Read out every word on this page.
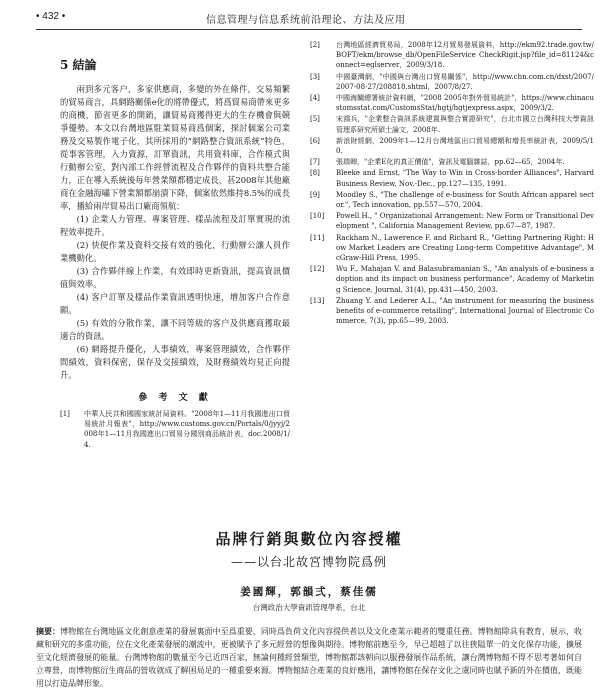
• 432 •	信息管理与信息系统前沿理论、方法及应用
5 結論

兩到多元客户，多家供應商，多變的外在條件，交易頻繁的貿易商言，具網路關係e化的將帶優式，將爲貿易商帶來更多的商機，節省更多的開銷，讓貿易商獲得更大的生存機會與競爭優勢。本文以台灣地區駐業貿易商爲個案，探討個案公司業務及交易製作電子化，其所採用的“網路整合資訊系統”特色，從事客管理，入力資源，訂單資訊，共用資料庫，合作模式與行動辦公室，對內部工作經營流程及合作夥伴的資料共整合能力，正在導入系統後每年營業額都穩定成長，甚2008年其他廠商在金融海嘯下營業額都崩潰下降，個案依然維持8.5%的成長率，播給兩岸貿易出口廠商領航：

(1) 企業人力管理、專案管理、樣品流程及訂單實現的流程效率提升。

(2) 快便作業及資料交接有效的強化，行動辦公讓人員作業機動化。

(3) 合作夥伴線上作業，有效即時更新資訊，提高資訊價值與效率。

(4) 客户訂單及樣品作業資訊透明快速，增加客户合作意願。

(5) 有效的分散作業，讓不同等級的客户及供應商獲取最適合的資訊。

(6) 網路提升優化，人事績效，專案管理績效，合作夥伴間績效，資料保密，保存及交接績效，及財務績效均見正向提升。

參 考 文 獻
[1]	中華人民共和國國家統計局資料。"2008年1—11月我國進出口貿易統計月報表"，http://www.customs.gov.cn/Portals/0/jyyj/2008年1—11月我國進出口貿易分國別商品統計表，doc.2008/1/4.
[2]	台灣地區經濟貿易局，2008年12月貿易發展資料，http://ekm92.trade.gov.tw/BOFT/ekm/browse_db/OpenFileService CheckRigit.jsp?file_id=81124&connect=eglserver，2009/3/18.
[3]	中國臺灣網，"中國與台灣出口貿易關係"，http://www.chn.com.cn/dxst/2007/2007-08-27/208818.shtml，2007/8/27.
[4]	中國海關總署統計資料網，"2008 2005年對外貿易統計"，https://www.chinacustomsstat.com/CustomsStat/hgtj/hgtjexpress.aspx，2009/3/2.
[5]	宋鴻兵，"企業整合資訊系統建置與整合實證研究"，台北市國立台灣科技大學資訊管理系研究所碩士論文，2008年.
[6]	新浪財經網，2009年1—12月台灣地區出口貿易總額和增長率統計表，2009/5/10.
[7]	張瑞卿，"企業E化的真正價值"，資訊及電腦雜誌，pp.62—65，2004年.
[8]	Bleeke and Ernst, "The Way to Win in Cross-border Alliances", Harvard Business Review, Nov.-Dec., pp.127—135, 1991.
[9]	Moodley S., "The challenge of e-business for South African apparel sector.", Tech innovation, pp.557—570, 2004.
[10]	Powell H., " Organizational Arrangement: New Form or Transitional Development ", California Management Review, pp.67—87, 1987.
[11]	Rackham N., Lawerence F. and Richard R., "Getting Partnering Right: How Market Leaders are Creating Long-term Competitive Advantage", McGraw-Hill Press, 1995.
[12]	Wu F., Mahajan V. and Balasubramanian S., "An analysis of e-business adoption and its impact on business performance", Academy of Marketing Science, Journal, 31(4), pp.431—450, 2003.
[13]	Zhuang Y. and Lederer A.L., "An instrument for measuring the business benefits of e-commerce retailing", International Journal of Electronic Commerce, 7(3), pp.65—99, 2003.
品牌行銷與數位內容授權
——以台北故宮博物院爲例
姜國輝，郭韻弍，蔡佳儒
台灣政治大學資訊管理學系，台北
摘要：博物館在台灣地區文化創意產業的發展裏面中至爲重要，同時爲負荷文化內容提供者以及文化產業示範者的雙重任務。博物館除具有教育，展示，收藏和研究的多重功能，位在文化產業發展的潮流中，更被賦予了多元經營的想像與期待。博物館前應至今，早已超越了以往狹隘單一的文化保存功能，擴展至文化經濟發展的能量。台灣博物館的數量至今已近四百家，無論何種經營類型，博物館都該朝向以服務發展作品系統，讓台灣博物館不得不思考著如何自立專營，而博物館衍生商品的營收就成了解困局足的一種重要來源。博物館結合產業的良好應用，讓博物館在保存文化之虞同時也賦予新的外在價值，既能用以打造品牌形象。
